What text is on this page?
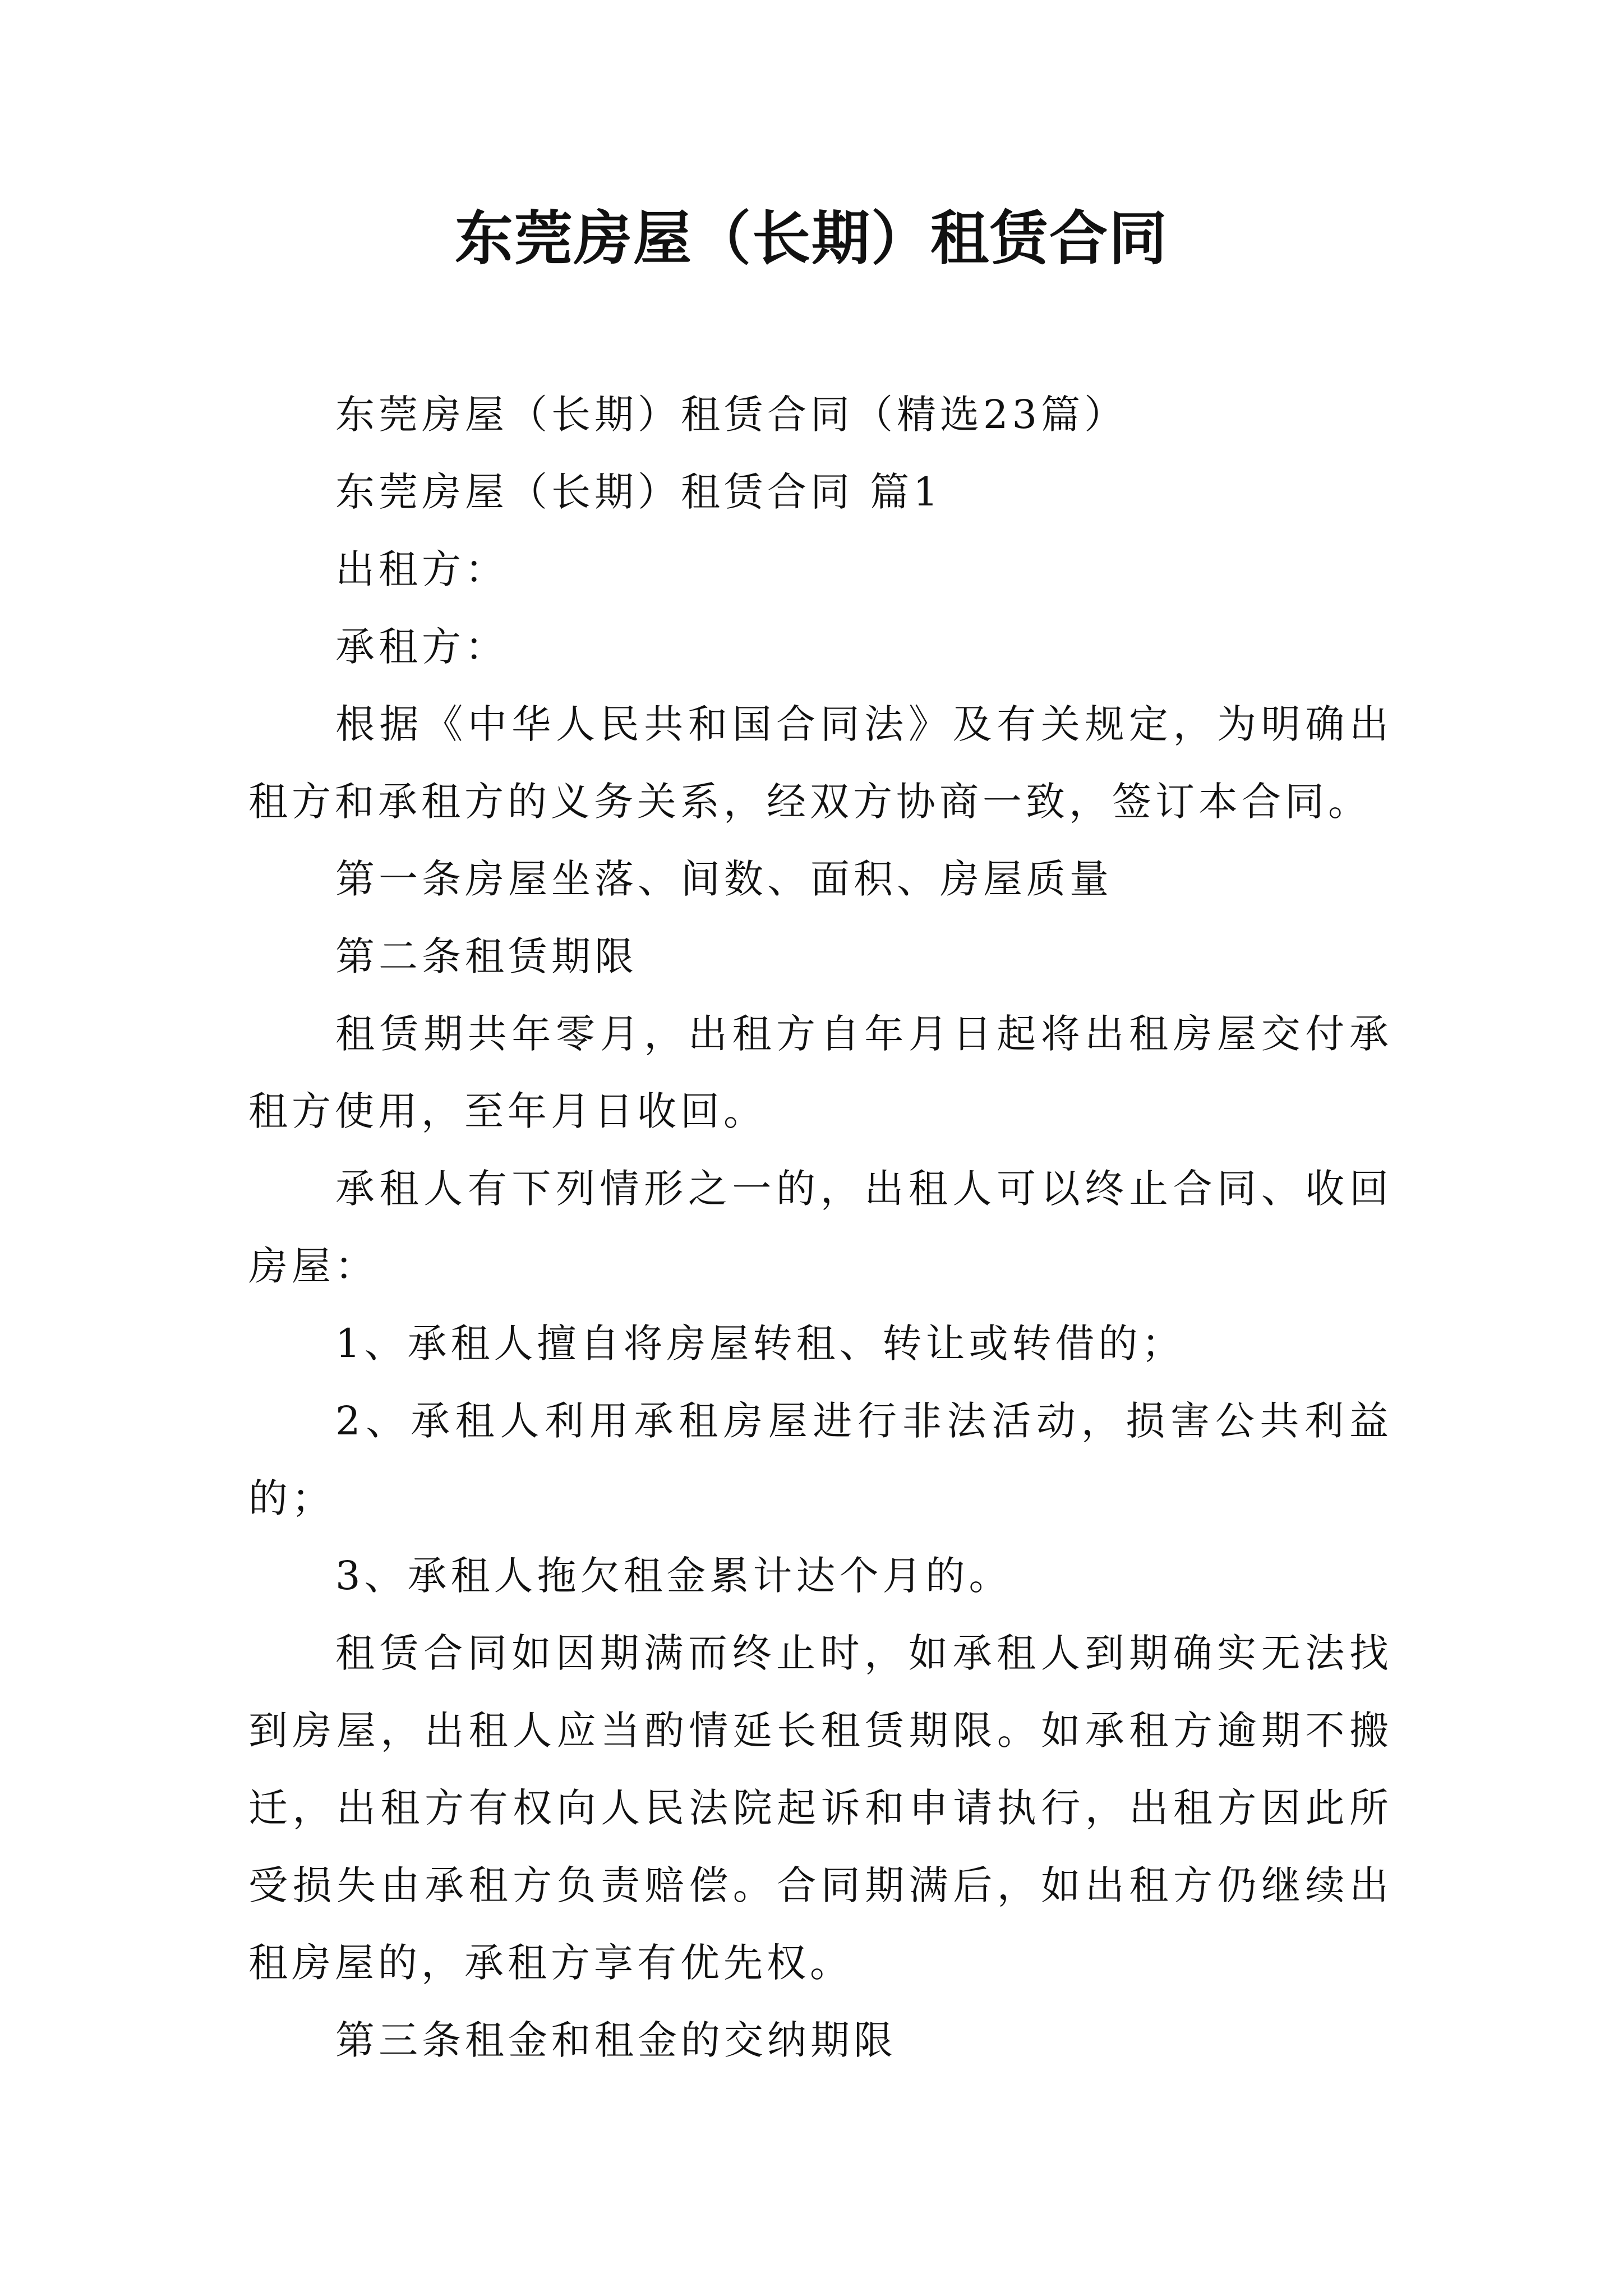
东莞房屋（长期）租赁合同

东莞房屋（长期）租赁合同（精选23篇）

东莞房屋（长期）租赁合同 篇1

出租方：

承租方：

根据《中华人民共和国合同法》及有关规定，为明确出租方和承租方的义务关系，经双方协商一致，签订本合同。

第一条房屋坐落、间数、面积、房屋质量

第二条租赁期限

租赁期共年零月，出租方自年月日起将出租房屋交付承租方使用，至年月日收回。

承租人有下列情形之一的，出租人可以终止合同、收回房屋：

1、承租人擅自将房屋转租、转让或转借的；

2、承租人利用承租房屋进行非法活动，损害公共利益的；

3、承租人拖欠租金累计达个月的。

租赁合同如因期满而终止时，如承租人到期确实无法找到房屋，出租人应当酌情延长租赁期限。如承租方逾期不搬迁，出租方有权向人民法院起诉和申请执行，出租方因此所受损失由承租方负责赔偿。合同期满后，如出租方仍继续出租房屋的，承租方享有优先权。

第三条租金和租金的交纳期限
